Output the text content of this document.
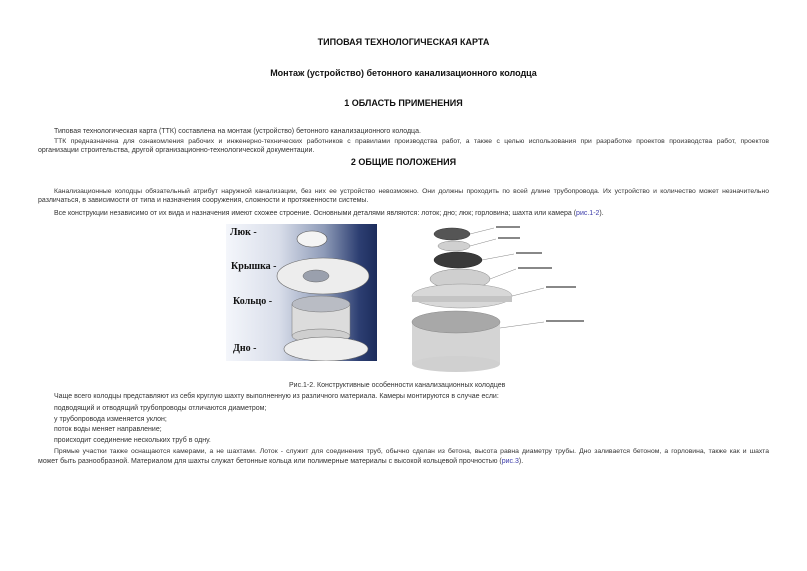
ТИПОВАЯ ТЕХНОЛОГИЧЕСКАЯ КАРТА
Монтаж (устройство) бетонного канализационного колодца
1 ОБЛАСТЬ ПРИМЕНЕНИЯ
Типовая технологическая карта (ТТК) составлена на монтаж (устройство) бетонного канализационного колодца.
ТТК предназначена для ознакомления рабочих и инженерно-технических работников с правилами производства работ, а также с целью использования при разработке проектов производства работ, проектов
организации строительства, другой организационно-технологической документации.
2 ОБЩИЕ ПОЛОЖЕНИЯ
Канализационные колодцы обязательный атрибут наружной канализации, без них ее устройство невозможно. Они должны проходить по всей длине трубопровода. Их устройство и количество может незначительно
различаться, в зависимости от типа и назначения сооружения, сложности и протяженности системы.
Все конструкции независимо от их вида и назначения имеют схожее строение. Основными деталями являются: лоток; дно; люк; горловина; шахта или камера (рис.1-2).
Люк -
Крышка -
Кольцо -
Дно -
Рис.1-2. Конструктивные особенности канализационных колодцев
Чаще всего колодцы представляют из себя круглую шахту выполненную из различного материала. Камеры монтируются в случае если:
подводящий и отводящий трубопроводы отличаются диаметром;
у трубопровода изменяется уклон;
поток воды меняет направление;
происходит соединение нескольких труб в одну.
Прямые участки также оснащаются камерами, а не шахтами. Лоток - служит для соединения труб, обычно сделан из бетона, высота равна диаметру трубы. Дно заливается бетоном, а горловина, также как и шахта
может быть разнообразной. Материалом для шахты служат бетонные кольца или полимерные материалы с высокой кольцевой прочностью (рис.3).
